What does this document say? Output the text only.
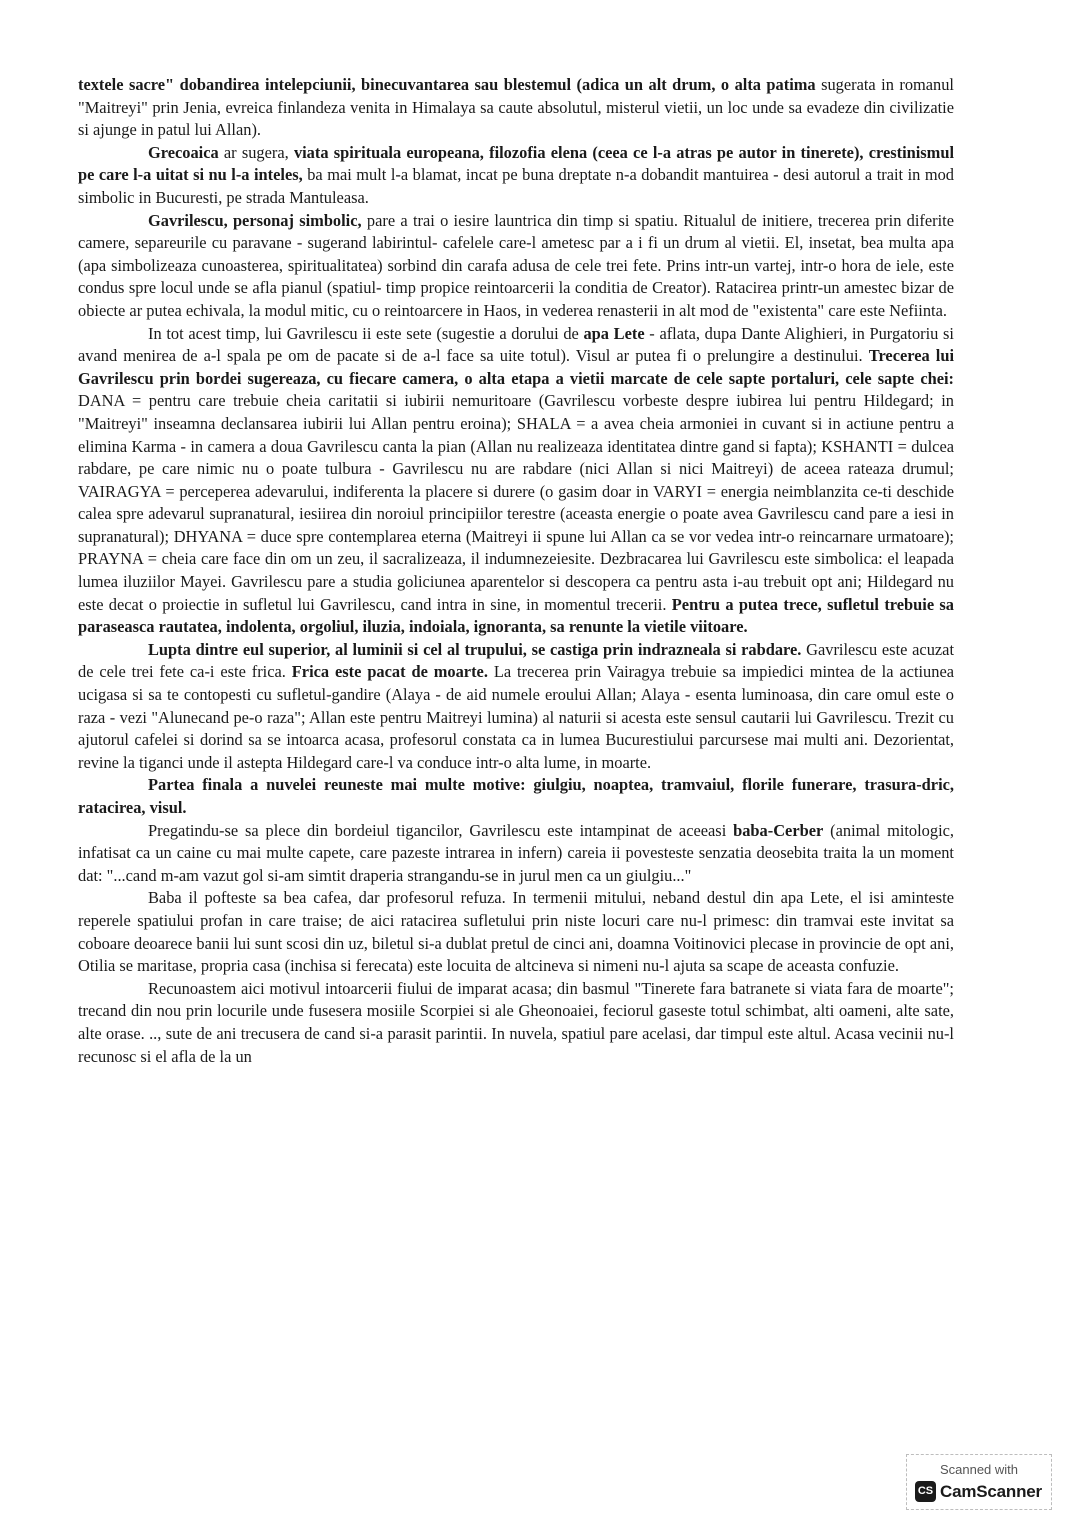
textele sacre" dobandirea intelepciunii, binecuvantarea sau blestemul (adica un alt drum, o alta patima sugerata in romanul "Maitreyi" prin Jenia, evreica finlandeza venita in Himalaya sa caute absolutul, misterul vietii, un loc unde sa evadeze din civilizatie si ajunge in patul lui Allan).

Grecoaica ar sugera, viata spirituala europeana, filozofia elena (ceea ce l-a atras pe autor in tinerete), crestinismul pe care l-a uitat si nu l-a inteles, ba mai mult l-a blamat, incat pe buna dreptate n-a dobandit mantuirea - desi autorul a trait in mod simbolic in Bucuresti, pe strada Mantuleasa.

Gavrilescu, personaj simbolic, pare a trai o iesire launtrica din timp si spatiu. Ritualul de initiere, trecerea prin diferite camere, separeurile cu paravane - sugerand labirintul- cafelele care-l ametesc par a i fi un drum al vietii. El, insetat, bea multa apa (apa simbolizeaza cunoasterea, spiritualitatea) sorbind din carafa adusa de cele trei fete. Prins intr-un vartej, intr-o hora de iele, este condus spre locul unde se afla pianul (spatiul- timp propice reintoarcerii la conditia de Creator). Ratacirea printr-un amestec bizar de obiecte ar putea echivala, la modul mitic, cu o reintoarcere in Haos, in vederea renasterii in alt mod de "existenta" care este Nefiinta.

In tot acest timp, lui Gavrilescu ii este sete (sugestie a dorului de apa Lete - aflata, dupa Dante Alighieri, in Purgatoriu si avand menirea de a-l spala pe om de pacate si de a-l face sa uite totul). Visul ar putea fi o prelungire a destinului. Trecerea lui Gavrilescu prin bordei sugereaza, cu fiecare camera, o alta etapa a vietii marcate de cele sapte portaluri, cele sapte chei: DANA = pentru care trebuie cheia caritatii si iubirii nemuritoare (Gavrilescu vorbeste despre iubirea lui pentru Hildegard; in "Maitreyi" inseamna declansarea iubirii lui Allan pentru eroina); SHALA = a avea cheia armoniei in cuvant si in actiune pentru a elimina Karma - in camera a doua Gavrilescu canta la pian (Allan nu realizeaza identitatea dintre gand si fapta); KSHANTI = dulcea rabdare, pe care nimic nu o poate tulbura - Gavrilescu nu are rabdare (nici Allan si nici Maitreyi) de aceea rateaza drumul; VAIRAGYA = perceperea adevarului, indiferenta la placere si durere (o gasim doar in VARYI = energia neimblanzita ce-ti deschide calea spre adevarul supranatural, iesiirea din noroiul principiilor terestre (aceasta energie o poate avea Gavrilescu cand pare a iesi in supranatural); DHYANA = duce spre contemplarea eterna (Maitreyi ii spune lui Allan ca se vor vedea intr-o reincarnare urmatoare); PRAYNA = cheia care face din om un zeu, il sacralizeaza, il indumnezeiesite. Dezbracarea lui Gavrilescu este simbolica: el leapada lumea iluziilor Mayei. Gavrilescu pare a studia goliciunea aparentelor si descopera ca pentru asta i-au trebuit opt ani; Hildegard nu este decat o proiectie in sufletul lui Gavrilescu, cand intra in sine, in momentul trecerii. Pentru a putea trece, sufletul trebuie sa paraseasca rautatea, indolenta, orgoliul, iluzia, indoiala, ignoranta, sa renunte la vietile viitoare.

Lupta dintre eul superior, al luminii si cel al trupului, se castiga prin indrazneala si rabdare. Gavrilescu este acuzat de cele trei fete ca-i este frica. Frica este pacat de moarte. La trecerea prin Vairagya trebuie sa impiedici mintea de la actiunea ucigasa si sa te contopesti cu sufletul-gandire (Alaya - de aid numele eroului Allan; Alaya - esenta luminoasa, din care omul este o raza - vezi "Alunecand pe-o raza"; Allan este pentru Maitreyi lumina) al naturii si acesta este sensul cautarii lui Gavrilescu. Trezit cu ajutorul cafelei si dorind sa se intoarca acasa, profesorul constata ca in lumea Bucurestiului parcursese mai multi ani. Dezorientat, revine la tiganci unde il astepta Hildegard care-l va conduce intr-o alta lume, in moarte.

Partea finala a nuvelei reuneste mai multe motive: giulgiu, noaptea, tramvaiul, florile funerare, trasura-dric, ratacirea, visul.

Pregatindu-se sa plece din bordeiul tigancilor, Gavrilescu este intampinat de aceeasi baba-Cerber (animal mitologic, infatisat ca un caine cu mai multe capete, care pazeste intrarea in infern) careia ii povesteste senzatia deosebita traita la un moment dat: "...cand m-am vazut gol si-am simtit draperia strangandu-se in jurul men ca un giulgiu..."

Baba il pofteste sa bea cafea, dar profesorul refuza. In termenii mitului, neband destul din apa Lete, el isi aminteste reperele spatiului profan in care traise; de aici ratacirea sufletului prin niste locuri care nu-l primesc: din tramvai este invitat sa coboare deoarece banii lui sunt scosi din uz, biletul si-a dublat pretul de cinci ani, doamna Voitinovici plecase in provincie de opt ani, Otilia se maritase, propria casa (inchisa si ferecata) este locuita de altcineva si nimeni nu-l ajuta sa scape de aceasta confuzie.

Recunoastem aici motivul intoarcerii fiului de imparat acasa; din basmul "Tinerete fara batranete si viata fara de moarte"; trecand din nou prin locurile unde fusesera mosiile Scorpiei si ale Gheonoaiei, feciorul gaseste totul schimbat, alti oameni, alte sate, alte orase. .., sute de ani trecusera de cand si-a parasit parintii. In nuvela, spatiul pare acelasi, dar timpul este altul. Acasa vecinii nu-l recunosc si el afla de la un

Scanned with
CS CamScanner
